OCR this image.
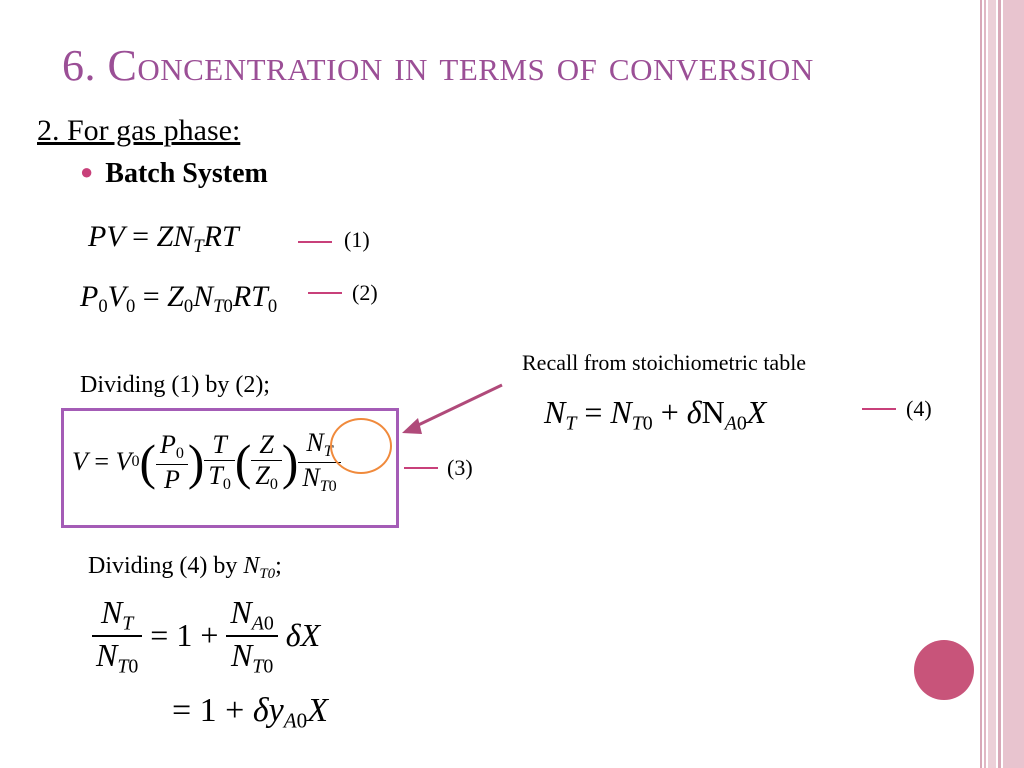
6. Concentration in terms of conversion
2. For gas phase:
● Batch System
PV = $ZN_TRT$	(1)
$P0V0 = Z0N_T0RT0$
(2)
Dividing (1) by (2);
Recall from stoichiometric table
V = V 0 ( $\frac{P0}{P}$ ) $\frac{T}{T0}$ ( $\frac{Z}{Z0}$ ) $\frac{N_T}{N_T0}$	(3)
$N_T = N_T0 + \delta N_A0X$	(4)
Dividing (4) by $N_{T0}$;
$\frac{N_T}{N_T0} = 1 + \frac{N_A0}{N_T0}$
δX
= $1 + \delta y_A0X$
